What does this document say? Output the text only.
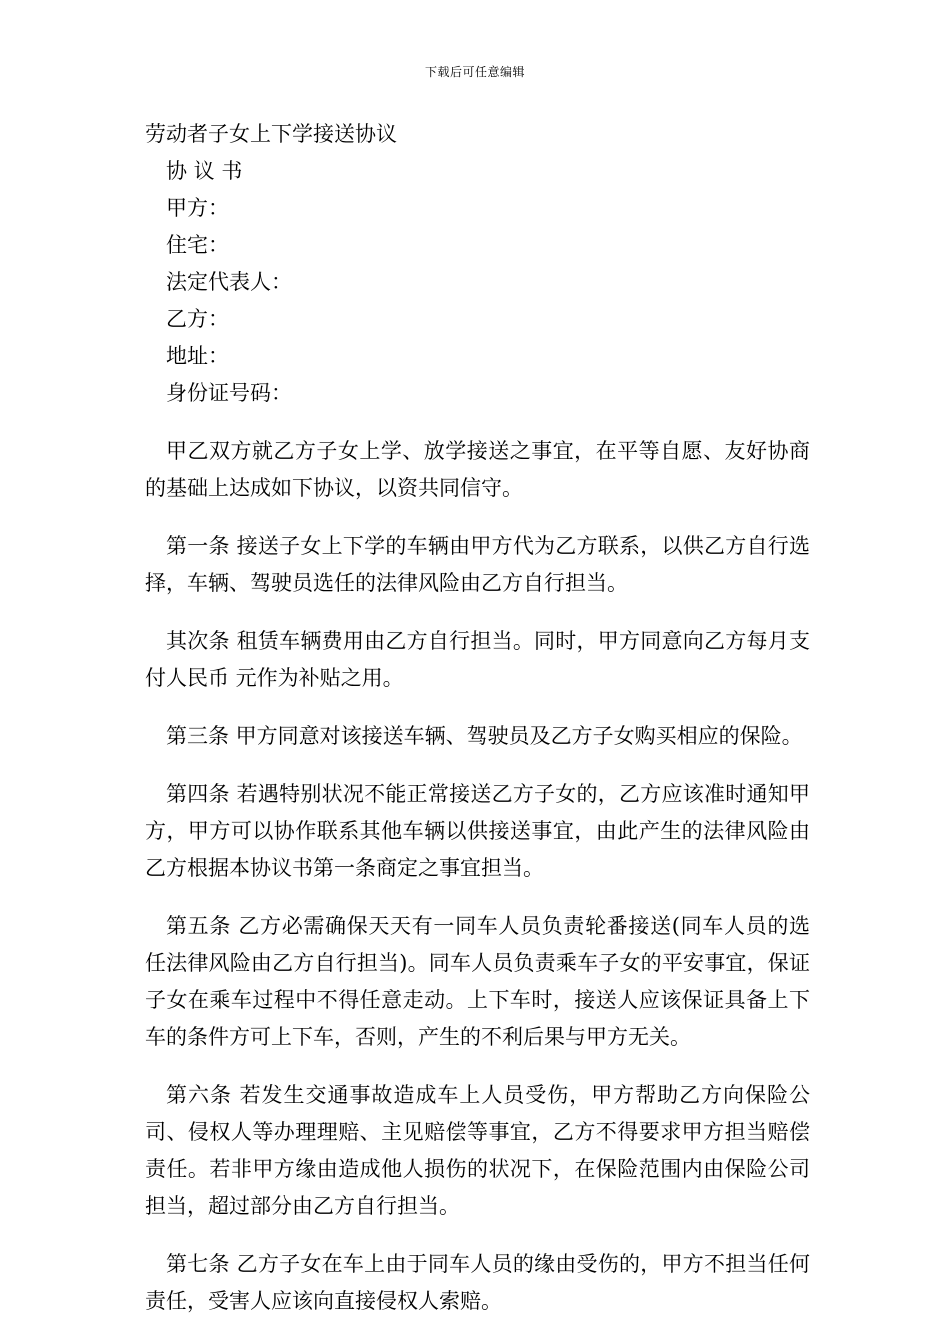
下载后可任意编辑
劳动者子女上下学接送协议
协 议 书
甲方：
住宅：
法定代表人：
乙方：
地址：
身份证号码：

甲乙双方就乙方子女上学、放学接送之事宜，在平等自愿、友好协商的基础上达成如下协议，以资共同信守。

第一条 接送子女上下学的车辆由甲方代为乙方联系，以供乙方自行选择，车辆、驾驶员选任的法律风险由乙方自行担当。

其次条 租赁车辆费用由乙方自行担当。同时，甲方同意向乙方每月支付人民币 元作为补贴之用。

第三条 甲方同意对该接送车辆、驾驶员及乙方子女购买相应的保险。

第四条 若遇特别状况不能正常接送乙方子女的，乙方应该准时通知甲方，甲方可以协作联系其他车辆以供接送事宜，由此产生的法律风险由乙方根据本协议书第一条商定之事宜担当。

第五条 乙方必需确保天天有一同车人员负责轮番接送(同车人员的选任法律风险由乙方自行担当)。同车人员负责乘车子女的平安事宜，保证子女在乘车过程中不得任意走动。上下车时，接送人应该保证具备上下车的条件方可上下车，否则，产生的不利后果与甲方无关。

第六条 若发生交通事故造成车上人员受伤，甲方帮助乙方向保险公司、侵权人等办理理赔、主见赔偿等事宜，乙方不得要求甲方担当赔偿责任。若非甲方缘由造成他人损伤的状况下，在保险范围内由保险公司担当，超过部分由乙方自行担当。

第七条 乙方子女在车上由于同车人员的缘由受伤的，甲方不担当任何责任，受害人应该向直接侵权人索赔。
